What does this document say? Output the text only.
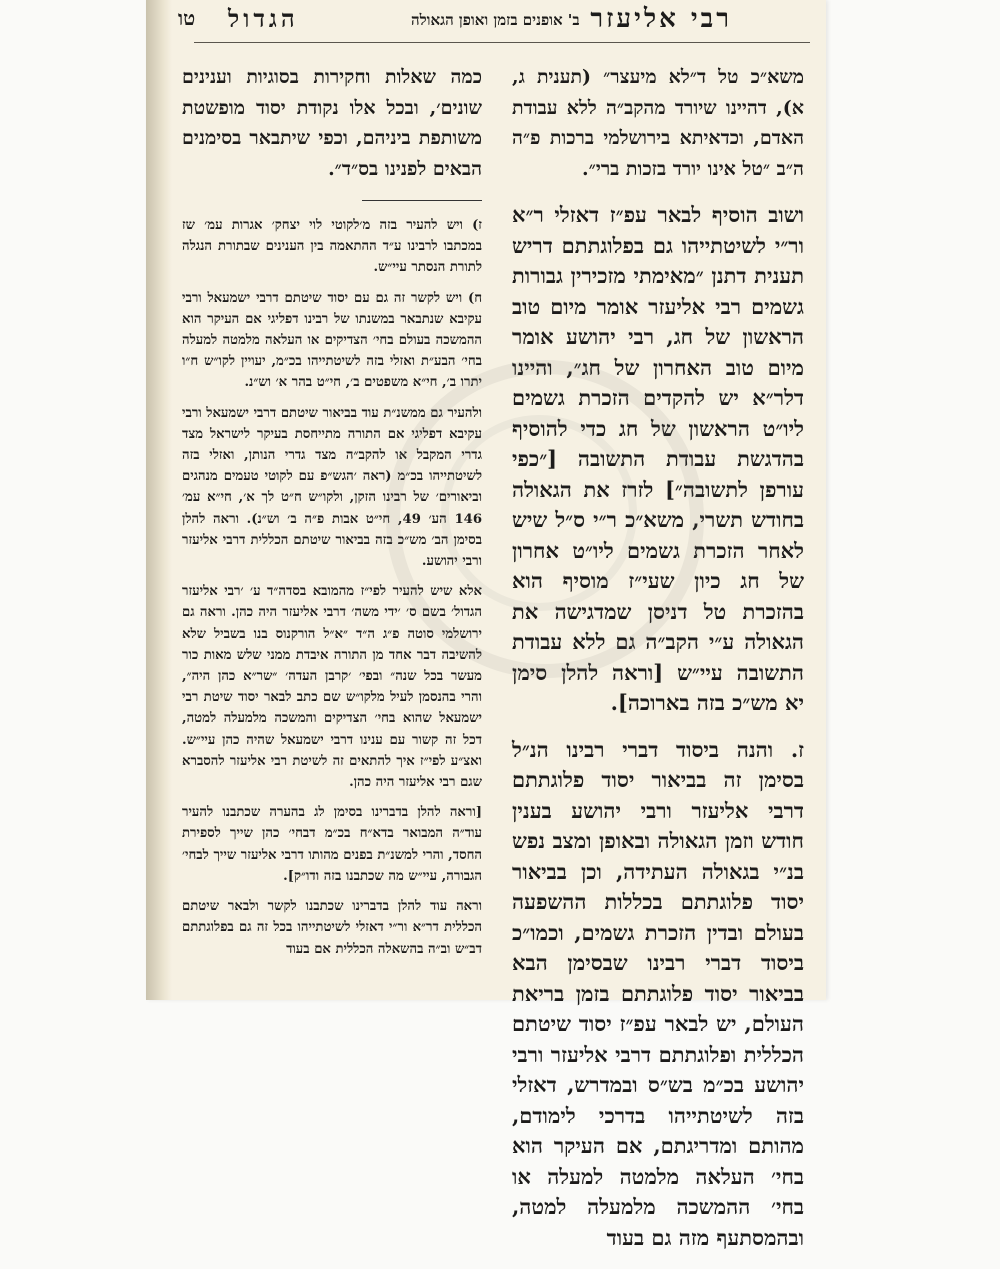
רבי אליעזר
ב' אופנים בזמן ואופן הגאולה
הגדול
טו

משא״כ טל ד״לא מיעצר״ (תענית ג, א), דהיינו שיורד מהקב״ה ללא עבודת האדם, וכדאיתא בירושלמי ברכות פ״ה ה״ב ״טל אינו יורד בזכות ברי״.

ושוב הוסיף לבאר עפ״ז דאזלי ר״א ור״י לשיטתייהו גם בפלוגתתם דריש תענית דתנן ״מאימתי מזכירין גבורות גשמים רבי אליעזר אומר מיום טוב הראשון של חג, רבי יהושע אומר מיום טוב האחרון של חג״, והיינו דלר״א יש להקדים הזכרת גשמים ליו״ט הראשון של חג כדי להוסיף בהדגשת עבודת התשובה [״כפי עורפן לתשובה״] לזרז את הגאולה בחודש תשרי, משא״כ ר״י ס״ל שיש לאחר הזכרת גשמים ליו״ט אחרון של חג כיון שעי״ז מוסיף הוא בהזכרת טל דניסן שמדגישה את הגאולה ע״י הקב״ה גם ללא עבודת התשובה עיי״ש [וראה להלן סימן יא מש״כ בזה בארוכה].

ז. והנה ביסוד דברי רבינו הנ״ל בסימן זה בביאור יסוד פלוגתתם דרבי אליעזר ורבי יהושע בענין חודש וזמן הגאולה ובאופן ומצב נפש בנ״י בגאולה העתידה, וכן בביאור יסוד פלוגתתם בכללות ההשפעה בעולם ובדין הזכרת גשמים, וכמו״כ ביסוד דברי רבינו שבסימן הבא בביאור יסוד פלוגתתם בזמן בריאת העולם, יש לבאר עפ״ז יסוד שיטתם הכללית ופלוגתתם דרבי אליעזר ורבי יהושע בכ״מ בש״ס ובמדרש, דאזלי בזה לשיטתייהו בדרכי לימודם, מהותם ומדריגתם, אם העיקר הוא בחי׳ העלאה מלמטה למעלה או בחי׳ ההמשכה מלמעלה למטה, ובהמסתעף מזה גם בעוד

כמה שאלות וחקירות בסוגיות וענינים שונים׳, ובכל אלו נקודת יסוד מופשטת משותפת ביניהם, וכפי שיתבאר בסימנים הבאים לפנינו בס״ד״.

ז) ויש להעיר בזה מ׳לקוטי לוי יצחק׳ אגרות עמ׳ שז במכתבו לרבינו ע״ד ההתאמה בין הענינים שבתורת הנגלה לתורת הנסתר עיי״ש.

ח) ויש לקשר זה גם עם יסוד שיטתם דרבי ישמעאל ורבי עקיבא שנתבאר במשנתו של רבינו דפליגי אם העיקר הוא ההמשכה בעולם בחי׳ הצדיקים או העלאה מלמטה למעלה בחי׳ הבע״ת ואזלי בזה לשיטתייהו בכ״מ, יעויין לקו״ש ח״ו יתרו ב׳, חי״א משפטים ב׳, חי״ט בהר א׳ וש״נ.

ולהעיר גם ממשנ״ת עוד בביאור שיטתם דרבי ישמעאל ורבי עקיבא דפליגי אם התורה מתייחסת בעיקר לישראל מצד גדרי המקבל או להקב״ה מצד גדרי הנותן, ואזלי בזה לשיטתייהו בכ״מ (ראה ׳הגש״פ עם לקוטי טעמים מנהגים וביאורים׳ של רבינו הזקן, ולקו״ש ח״ט לך א׳, חי״א עמ׳ 146 הע׳ 49, חי״ט אבות פ״ה ב׳ וש״נ). וראה להלן בסימן הב׳ מש״כ בזה בביאור שיטתם הכללית דרבי אליעזר ורבי יהושע.

אלא שיש להעיר לפי״ז מהמובא בסדה״ד ע׳ ׳רבי אליעזר הגדול׳ בשם ס׳ ׳ידי משה׳ דרבי אליעזר היה כהן. וראה גם ירושלמי סוטה פ״ג ה״ד ״א״ל הורקנוס בנו בשביל שלא להשיבה דבר אחד מן התורה איבדת ממני שלש מאות כור מעשר בכל שנה״ ובפי׳ ׳קרבן העדה׳ ״שר״א כהן היה״, והרי בהנסמן לעיל מלקו״ש שם כתב לבאר יסוד שיטת רבי ישמעאל שהוא בחי׳ הצדיקים והמשכה מלמעלה למטה, דכל זה קשור עם ענינו דרבי ישמעאל שהיה כהן עיי״ש. ואצ״ע לפי״ז איך להתאים זה לשיטת רבי אליעזר להסברא שגם רבי אליעזר היה כהן.

[וראה להלן בדברינו בסימן לג בהערה שכתבנו להעיר עוד״ה המבואר בדא״ח בכ״מ דבחי׳ כהן שייך לספירת החסד, והרי למשנ״ת בפנים מהותו דרבי אליעזר שייך לבחי׳ הגבורה, עיי״ש מה שכתבנו בזה ודו״ק].

וראה עוד להלן בדברינו שכתבנו לקשר ולבאר שיטתם הכללית דר״א ור״י דאזלי לשיטתייהו בכל זה גם בפלוגתתם דב״ש וב״ה בהשאלה הכללית אם בעוד
